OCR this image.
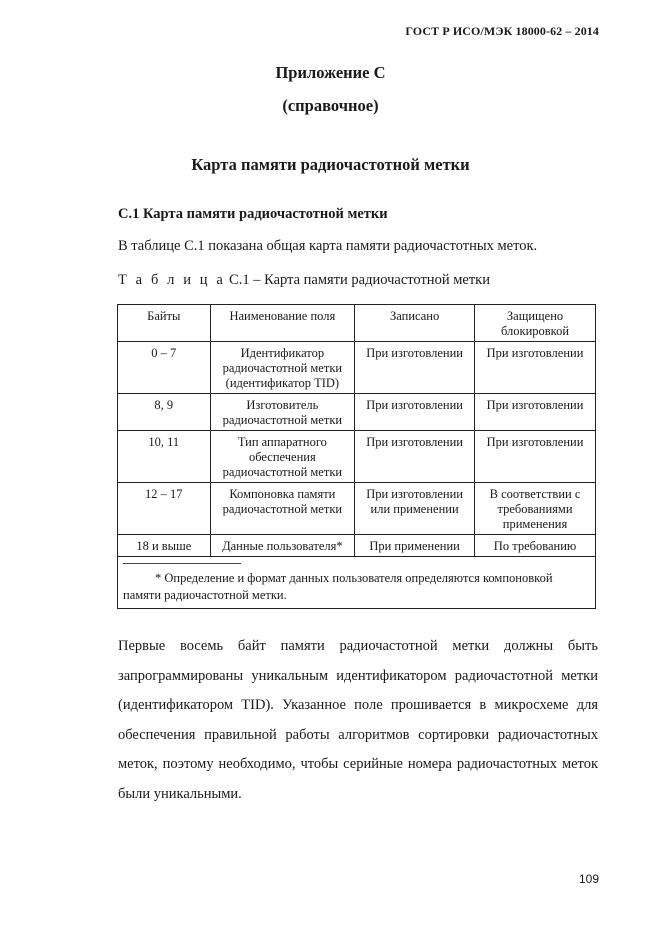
ГОСТ Р ИСО/МЭК 18000-62 – 2014
Приложение С
(справочное)
Карта памяти радиочастотной метки
С.1 Карта памяти радиочастотной метки
В таблице С.1 показана общая карта памяти радиочастотных меток.
Т а б л и ц а С.1 – Карта памяти радиочастотной метки
Байты	Наименование поля	Записано	Защищено блокировкой
0 – 7	Идентификатор радиочастотной метки (идентификатор TID)	При изготовлении	При изготовлении
8, 9	Изготовитель радиочастотной метки	При изготовлении	При изготовлении
10, 11	Тип аппаратного обеспечения радиочастотной метки	При изготовлении	При изготовлении
12 – 17	Компоновка памяти радиочастотной метки	При изготовлении или применении	В соответствии с требованиями применения
18 и выше	Данные пользователя*	При применении	По требованию

* Определение и формат данных пользователя определяются компоновкой памяти радиочастотной метки.			

Первые восемь байт памяти радиочастотной метки должны быть запрограммированы уникальным идентификатором радиочастотной метки (идентификатором TID). Указанное поле прошивается в микросхеме для обеспечения правильной работы алгоритмов сортировки радиочастотных меток, поэтому необходимо, чтобы серийные номера радиочастотных меток были уникальными.

109
